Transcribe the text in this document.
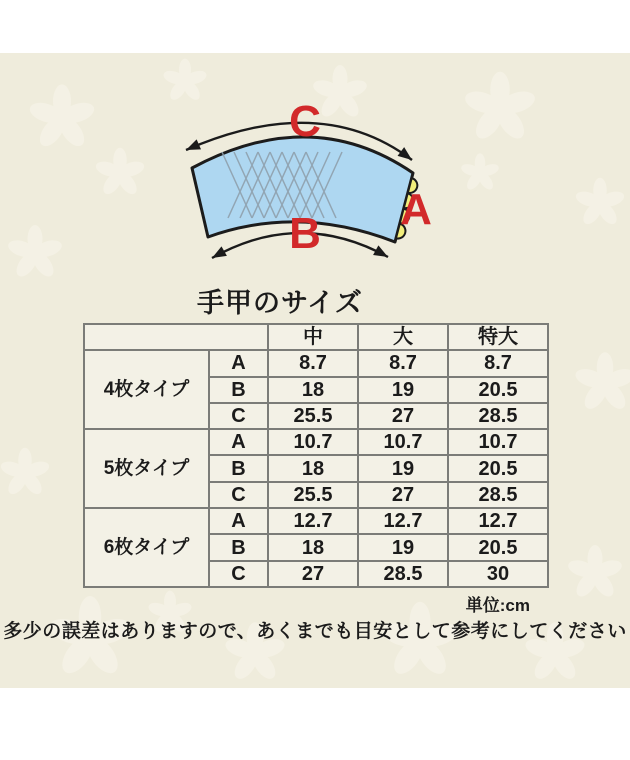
C
B A
手甲のサイズ
		中	大	特大
4枚タイプ	A	8.7	8.7	8.7
	B	18	19	20.5
	C	25.5	27	28.5
5枚タイプ	A	10.7	10.7	10.7
	B	18	19	20.5
	C	25.5	27	28.5
6枚タイプ	A	12.7	12.7	12.7
	B	18	19	20.5
	C	27	28.5	30
単位:cm
多少の誤差はありますので、あくまでも目安として参考にしてください
